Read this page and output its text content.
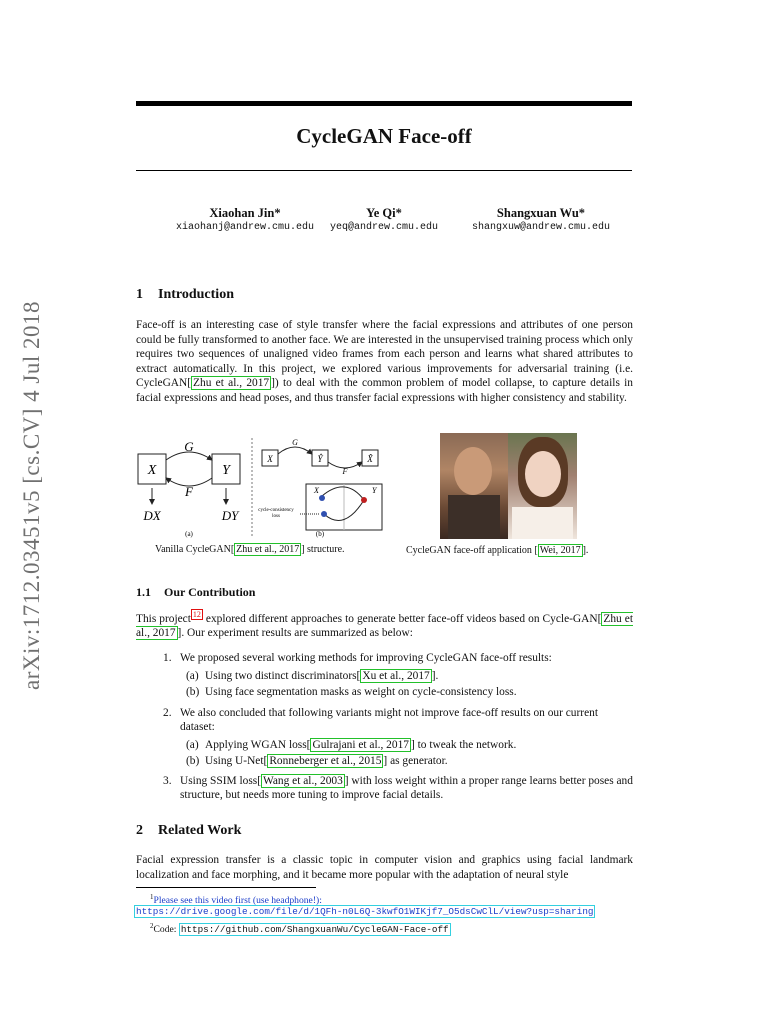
CycleGAN Face-off
Xiaohan Jin*
xiaohanj@andrew.cmu.edu
Ye Qi*
yeq@andrew.cmu.edu
Shangxuan Wu*
shangxuw@andrew.cmu.edu
arXiv:1712.03451v5 [cs.CV] 4 Jul 2018
1 Introduction
Face-off is an interesting case of style transfer where the facial expressions and attributes of one person could be fully transformed to another face. We are interested in the unsupervised training process which only requires two sequences of unaligned video frames from each person and learns what shared attributes to extract automatically. In this project, we explored various improvements for adversarial training (i.e. CycleGAN[ Zhu et al., 2017 ]) to deal with the common problem of model collapse, to capture details in facial expressions and head poses, and thus transfer facial expressions with higher consistency and stability.
X	Y
G
F
DX	DY
(a)
X	Ŷ	X̂
G
F
X	Y
cycle-consistency
loss
(b)
Vanilla CycleGAN[ Zhu et al., 2017 ] structure.	CycleGAN face-off application [ Wei, 2017 ].
1.1 Our Contribution
This project $^{12}$ explored different approaches to generate better face-off videos based on Cycle-GAN[ Zhu et al., 2017 ]. Our experiment results are summarized as below:
1. We proposed several working methods for improving CycleGAN face-off results:
(a) Using two distinct discriminators[ Xu et al., 2017 ].
(b) Using face segmentation masks as weight on cycle-consistency loss.
2. We also concluded that following variants might not improve face-off results on our current dataset:
(a) Applying WGAN loss[ Gulrajani et al., 2017 ] to tweak the network.
(b) Using U-Net[ Ronneberger et al., 2015 ] as generator.
3. Using SSIM loss[ Wang et al., 2003 ] with loss weight within a proper range learns better poses and structure, but needs more tuning to improve facial details.
2 Related Work
Facial expression transfer is a classic topic in computer vision and graphics using facial landmark localization and face morphing, and it became more popular with the adaptation of neural style
$^1$Please see this video first (use headphone!):
https://drive.google.com/file/d/1QFh-n0L6Q-3kwfO1WIKjf7_O5dsCwClL/view?usp=sharing
$^2$Code: https://github.com/ShangxuanWu/CycleGAN-Face-off
